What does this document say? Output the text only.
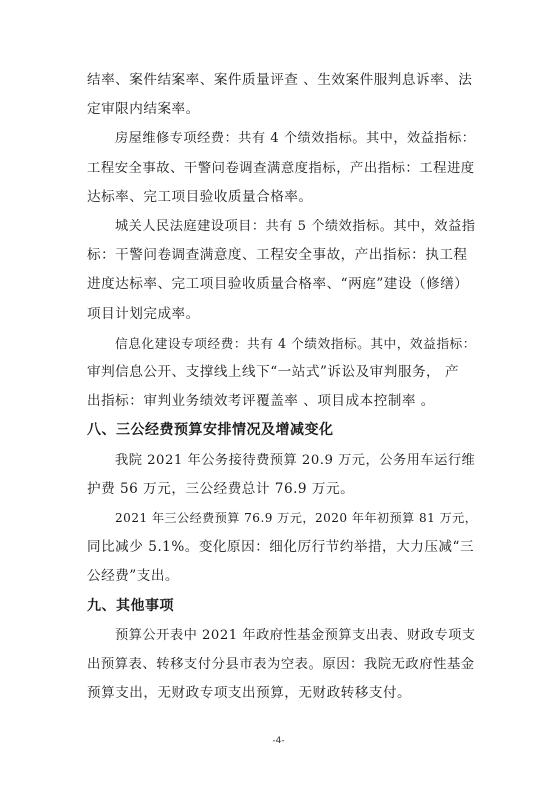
结率、案件结案率、案件质量评查 、生效案件服判息诉率、法
定审限内结案率。

房屋维修专项经费：共有 4 个绩效指标。其中，效益指标：
工程安全事故、干警问卷调查满意度指标，产出指标：工程进度
达标率、完工项目验收质量合格率。

城关人民法庭建设项目：共有 5 个绩效指标。其中，效益指
标：干警问卷调查满意度、工程安全事故，产出指标：执工程
进度达标率、完工项目验收质量合格率、“两庭”建设（修缮）
项目计划完成率。

信息化建设专项经费：共有 4 个绩效指标。其中，效益指标：
审判信息公开、支撑线上线下“一站式”诉讼及审判服务， 产
出指标：审判业务绩效考评覆盖率 、项目成本控制率 。

八、三公经费预算安排情况及增减变化

我院 2021 年公务接待费预算 20.9 万元，公务用车运行维
护费 56 万元，三公经费总计 76.9 万元。

2021 年三公经费预算 76.9 万元，2020 年年初预算 81 万元，
同比减少 5.1%。变化原因：细化厉行节约举措，大力压减“三
公经费”支出。

九、其他事项

预算公开表中 2021 年政府性基金预算支出表、财政专项支
出预算表、转移支付分县市表为空表。原因：我院无政府性基金
预算支出，无财政专项支出预算，无财政转移支付。

-4-
